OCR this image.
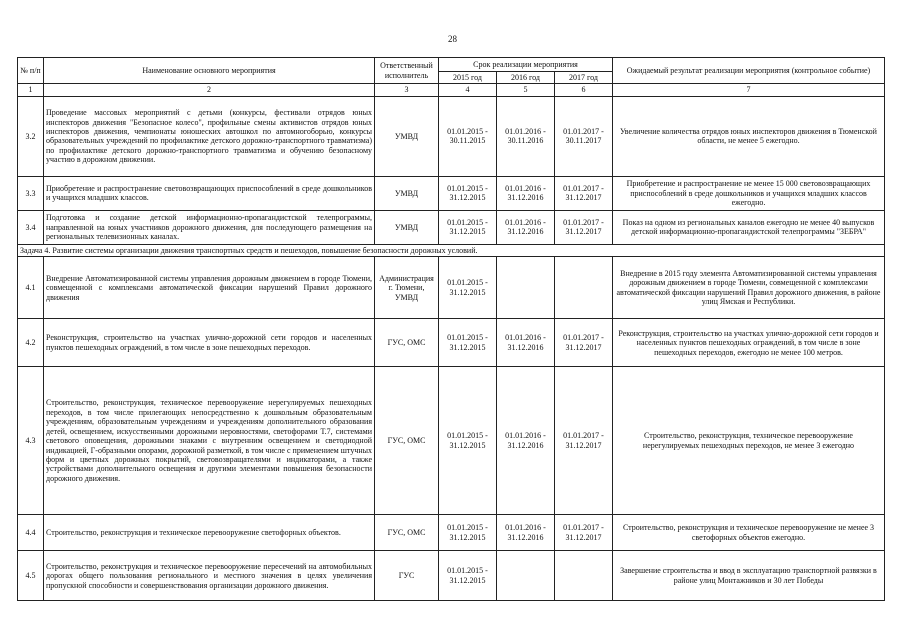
28
№ п/п	Наименование основного мероприятия	Ответственный исполнитель	Срок реализации мероприятия			Ожидаемый результат реализации мероприятия (контрольное событие)
			2015 год	2016 год	2017 год	
1	2	3	4	5	6	7
3.2	Проведение массовых мероприятий с детьми (конкурсы, фестивали отрядов юных инспекторов движения "Безопасное колесо", профильные смены активистов отрядов юных инспекторов движения, чемпионаты юношеских автошкол по автомногоборью, конкурсы образовательных учреждений по профилактике детского дорожно-транспортного травматизма) по профилактике детского дорожно-транспортного травматизма и обучению безопасному участию в дорожном движении.	УМВД	01.01.2015 - 30.11.2015	01.01.2016 - 30.11.2016	01.01.2017 - 30.11.2017	Увеличение количества отрядов юных инспекторов движения в Тюменской области, не менее 5 ежегодно.
3.3	Приобретение и распространение световозвращающих приспособлений в среде дошкольников и учащихся младших классов.	УМВД	01.01.2015 - 31.12.2015	01.01.2016 - 31.12.2016	01.01.2017 - 31.12.2017	Приобретение и распространение не менее 15 000 световозвращающих приспособлений в среде дошкольников и учащихся младших классов ежегодно.
3.4	Подготовка и создание детской информационно-пропагандистской телепрограммы, направленной на юных участников дорожного движения, для последующего размещения на региональных телевизионных каналах.	УМВД	01.01.2015 - 31.12.2015	01.01.2016 - 31.12.2016	01.01.2017 - 31.12.2017	Показ на одном из региональных каналов ежегодно не менее 40 выпусков детской информационно-пропагандистской телепрограммы "ЗЕБРА"
Задача 4. Развитие системы организации движения транспортных средств и пешеходов, повышение безопасности дорожных условий.						
4.1	Внедрение Автоматизированной системы управления дорожным движением в городе Тюмени, совмещенной с комплексами автоматической фиксации нарушений Правил дорожного движения	Администрация г. Тюмени, УМВД	01.01.2015 - 31.12.2015			Внедрение в 2015 году элемента Автоматизированной системы управления дорожным движением в городе Тюмени, совмещенной с комплексами автоматической фиксации нарушений Правил дорожного движения, в районе улиц Ямская и Республики.
4.2	Реконструкция, строительство на участках улично-дорожной сети городов и населенных пунктов пешеходных ограждений, в том числе в зоне пешеходных переходов.	ГУС, ОМС	01.01.2015 - 31.12.2015	01.01.2016 - 31.12.2016	01.01.2017 - 31.12.2017	Реконструкция, строительство на участках улично-дорожной сети городов и населенных пунктов пешеходных ограждений, в том числе в зоне пешеходных переходов, ежегодно не менее 100 метров.
4.3	Строительство, реконструкция, техническое перевооружение нерегулируемых пешеходных переходов, в том числе прилегающих непосредственно к дошкольным образовательным учреждениям, образовательным учреждениям и учреждениям дополнительного образования детей, освещением, искусственными дорожными неровностями, светофорами Т.7, системами светового оповещения, дорожными знаками с внутренним освещением и светодиодной индикацией, Г-образными опорами, дорожной разметкой, в том числе с применением штучных форм и цветных дорожных покрытий, световозвращателями и индикаторами, а также устройствами дополнительного освещения и другими элементами повышения безопасности дорожного движения.	ГУС, ОМС	01.01.2015 - 31.12.2015	01.01.2016 - 31.12.2016	01.01.2017 - 31.12.2017	Строительство, реконструкция, техническое перевооружение нерегулируемых пешеходных переходов, не менее 3 ежегодно
4.4	Строительство, реконструкция и техническое перевооружение светофорных объектов.	ГУС, ОМС	01.01.2015 - 31.12.2015	01.01.2016 - 31.12.2016	01.01.2017 - 31.12.2017	Строительство, реконструкция и техническое перевооружение не менее 3 светофорных объектов ежегодно.
4.5	Строительство, реконструкция и техническое перевооружение пересечений на автомобильных дорогах общего пользования регионального и местного значения в целях увеличения пропускной способности и совершенствования организации дорожного движения.	ГУС	01.01.2015 - 31.12.2015			Завершение строительства и ввод в эксплуатацию транспортной развязки в районе улиц Монтажников и 30 лет Победы
